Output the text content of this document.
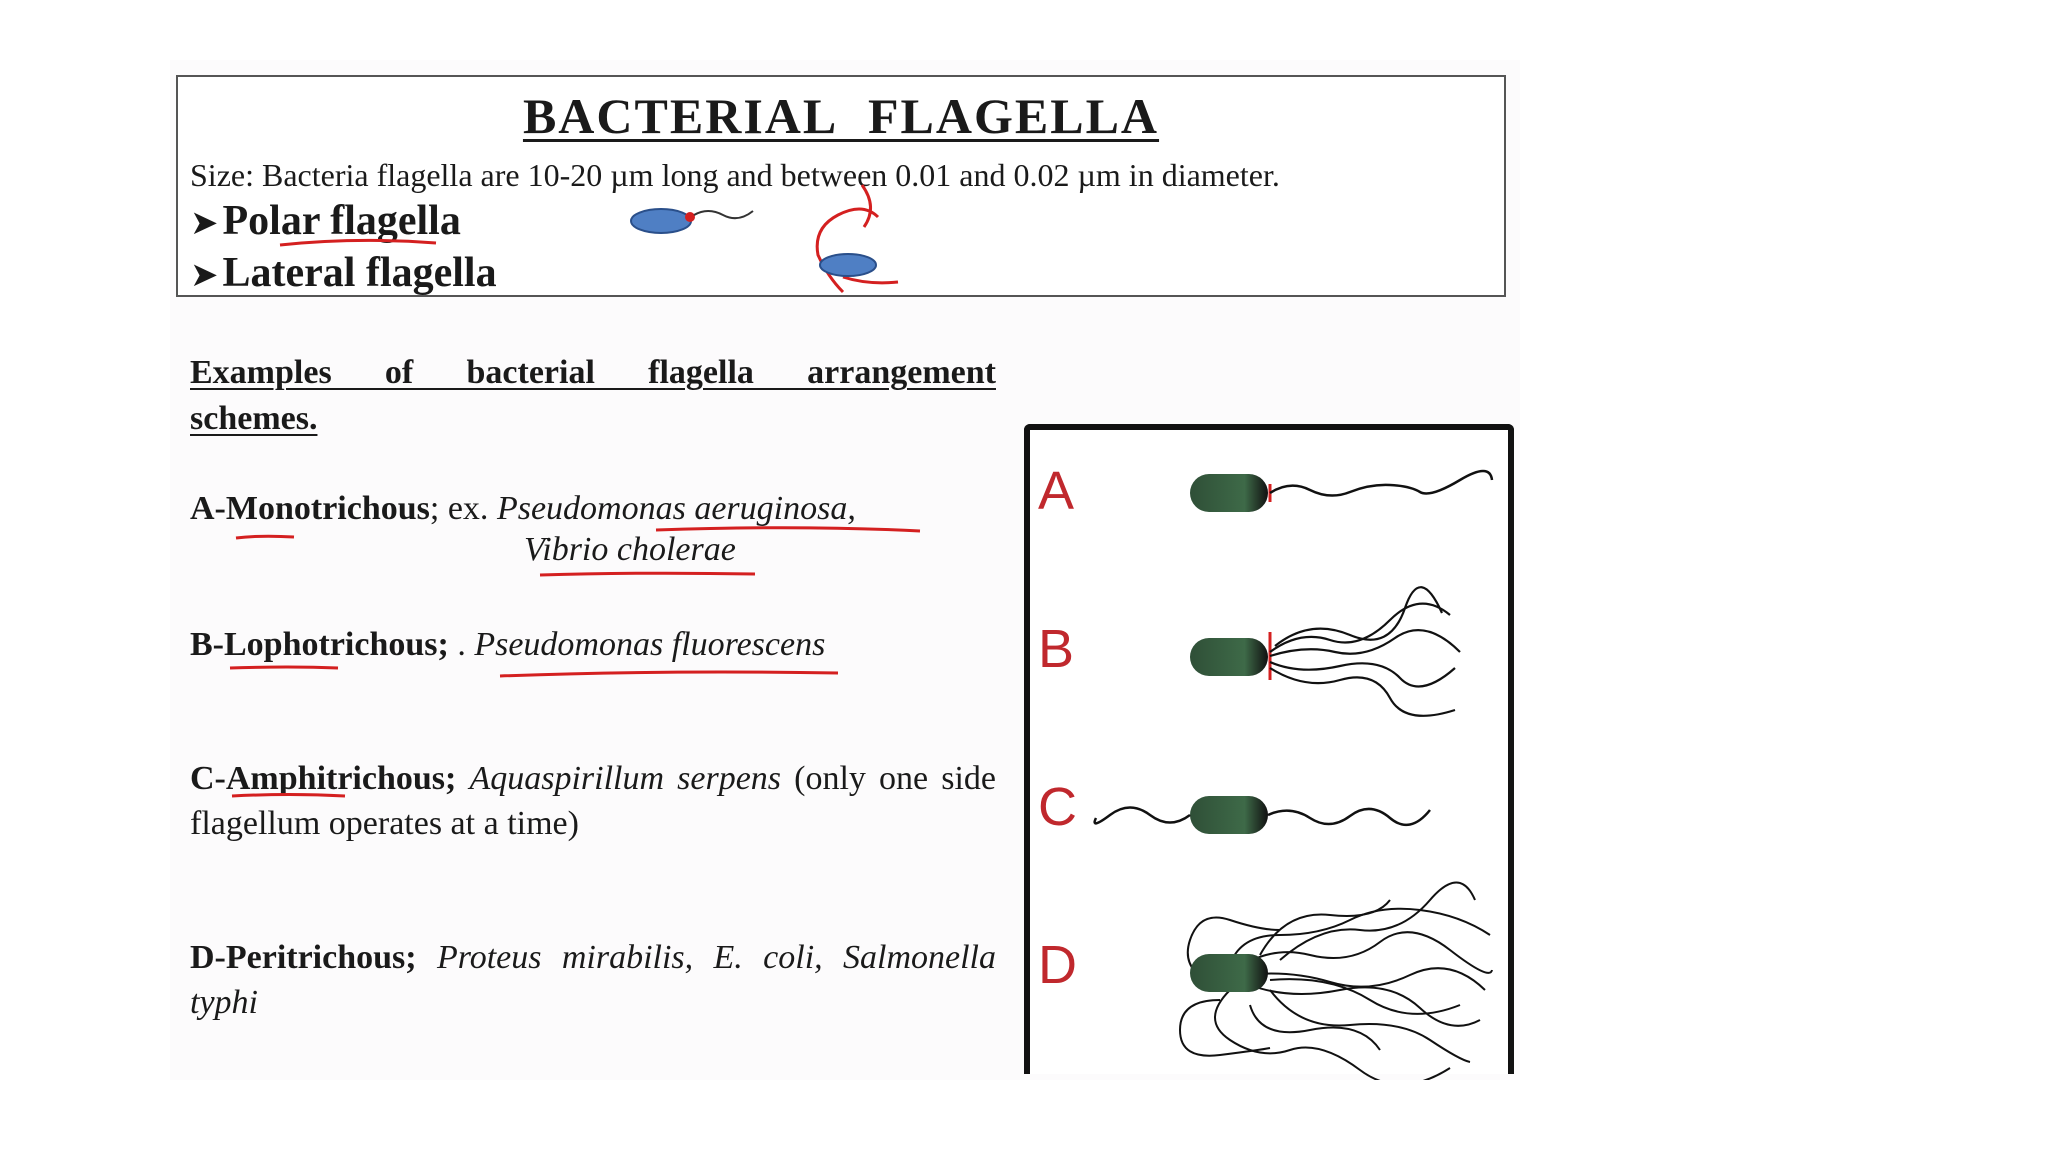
BACTERIAL FLAGELLA
Size: Bacteria flagella are 10-20 µm long and between 0.01 and 0.02 µm in diameter.
➤Polar flagella
➤Lateral flagella
Examples of bacterial flagella arrangement
schemes.
A-Monotrichous; ex. Pseudomonas aeruginosa,
Vibrio cholerae
B-Lophotrichous; . Pseudomonas fluorescens
C-Amphitrichous; Aquaspirillum serpens (only one side flagellum operates at a time)
D-Peritrichous; Proteus mirabilis, E. coli, Salmonella typhi
A
B
C
D
